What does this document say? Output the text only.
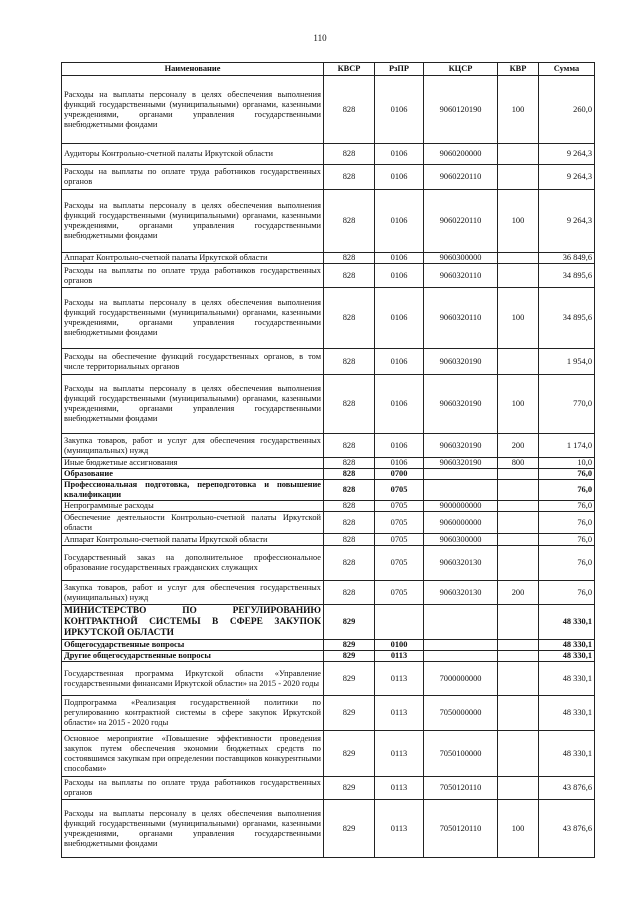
110
Наименование	КВСР	РзПР	КЦСР	КВР	Сумма
Расходы на выплаты персоналу в целях обеспечения выполнения функций государственными (муниципальными) органами, казенными учреждениями, органами управления государственными внебюджетными фондами	828	0106	9060120190	100	260,0
Аудиторы Контрольно-счетной палаты Иркутской области	828	0106	9060200000		9 264,3
Расходы на выплаты по оплате труда работников государственных органов	828	0106	9060220110		9 264,3
Расходы на выплаты персоналу в целях обеспечения выполнения функций государственными (муниципальными) органами, казенными учреждениями, органами управления государственными внебюджетными фондами	828	0106	9060220110	100	9 264,3
Аппарат Контрольно-счетной палаты Иркутской области	828	0106	9060300000		36 849,6
Расходы на выплаты по оплате труда работников государственных органов	828	0106	9060320110		34 895,6
Расходы на выплаты персоналу в целях обеспечения выполнения функций государственными (муниципальными) органами, казенными учреждениями, органами управления государственными внебюджетными фондами	828	0106	9060320110	100	34 895,6
Расходы на обеспечение функций государственных органов, в том числе территориальных органов	828	0106	9060320190		1 954,0
Расходы на выплаты персоналу в целях обеспечения выполнения функций государственными (муниципальными) органами, казенными учреждениями, органами управления государственными внебюджетными фондами	828	0106	9060320190	100	770,0
Закупка товаров, работ и услуг для обеспечения государственных (муниципальных) нужд	828	0106	9060320190	200	1 174,0
Иные бюджетные ассигнования	828	0106	9060320190	800	10,0
Образование	828	0700			76,0
Профессиональная подготовка, переподготовка и повышение квалификации	828	0705			76,0
Непрограммные расходы	828	0705	9000000000		76,0
Обеспечение деятельности Контрольно-счетной палаты Иркутской области	828	0705	9060000000		76,0
Аппарат Контрольно-счетной палаты Иркутской области	828	0705	9060300000		76,0
Государственный заказ на дополнительное профессиональное образование государственных гражданских служащих	828	0705	9060320130		76,0
Закупка товаров, работ и услуг для обеспечения государственных (муниципальных) нужд	828	0705	9060320130	200	76,0
МИНИСТЕРСТВО ПО РЕГУЛИРОВАНИЮ КОНТРАКТНОЙ СИСТЕМЫ В СФЕРЕ ЗАКУПОК ИРКУТСКОЙ ОБЛАСТИ	829				48 330,1
Общегосударственные вопросы	829	0100			48 330,1
Другие общегосударственные вопросы	829	0113			48 330,1
Государственная программа Иркутской области «Управление государственными финансами Иркутской области» на 2015 - 2020 годы	829	0113	7000000000		48 330,1
Подпрограмма «Реализация государственной политики по регулированию контрактной системы в сфере закупок Иркутской области» на 2015 - 2020 годы	829	0113	7050000000		48 330,1
Основное мероприятие «Повышение эффективности проведения закупок путем обеспечения экономии бюджетных средств по состоявшимся закупкам при определении поставщиков конкурентными способами»	829	0113	7050100000		48 330,1
Расходы на выплаты по оплате труда работников государственных органов	829	0113	7050120110		43 876,6
Расходы на выплаты персоналу в целях обеспечения выполнения функций государственными (муниципальными) органами, казенными учреждениями, органами управления государственными внебюджетными фондами	829	0113	7050120110	100	43 876,6
